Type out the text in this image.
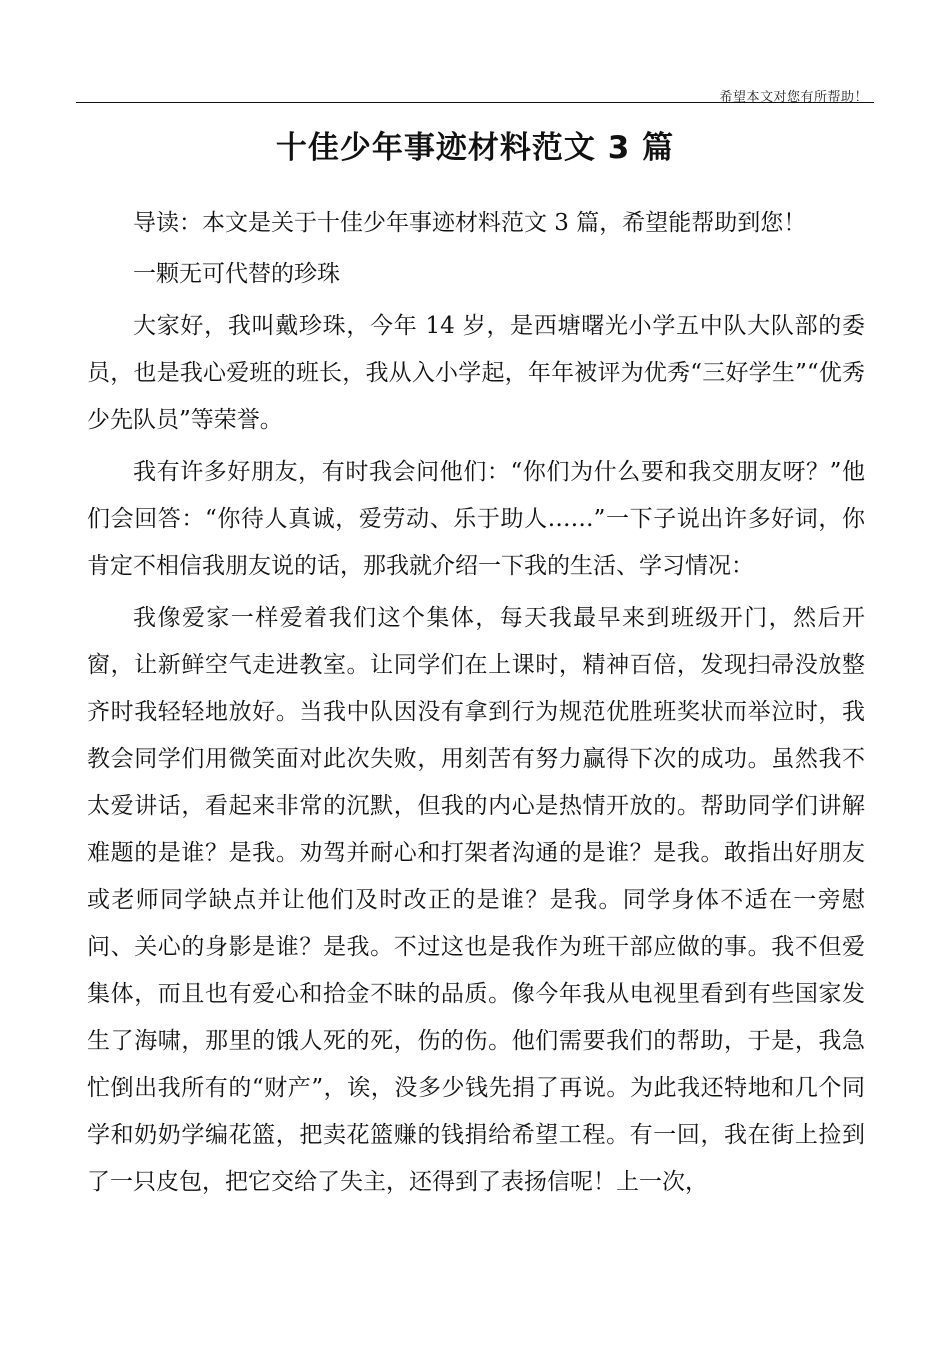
希望本文对您有所帮助！
十佳少年事迹材料范文 3 篇

导读：本文是关于十佳少年事迹材料范文 3 篇，希望能帮助到您！

一颗无可代替的珍珠

大家好，我叫戴珍珠，今年 14 岁，是西塘曙光小学五中队大队部的委员，也是我心爱班的班长，我从入小学起，年年被评为优秀“三好学生”“优秀少先队员”等荣誉。

我有许多好朋友，有时我会问他们：“你们为什么要和我交朋友呀？”他们会回答：“你待人真诚，爱劳动、乐于助人……”一下子说出许多好词，你肯定不相信我朋友说的话，那我就介绍一下我的生活、学习情况：

我像爱家一样爱着我们这个集体，每天我最早来到班级开门，然后开窗，让新鲜空气走进教室。让同学们在上课时，精神百倍，发现扫帚没放整齐时我轻轻地放好。当我中队因没有拿到行为规范优胜班奖状而举泣时，我教会同学们用微笑面对此次失败，用刻苦有努力赢得下次的成功。虽然我不太爱讲话，看起来非常的沉默，但我的内心是热情开放的。帮助同学们讲解难题的是谁？是我。劝驾并耐心和打架者沟通的是谁？是我。敢指出好朋友或老师同学缺点并让他们及时改正的是谁？是我。同学身体不适在一旁慰问、关心的身影是谁？是我。不过这也是我作为班干部应做的事。我不但爱集体，而且也有爱心和拾金不昧的品质。像今年我从电视里看到有些国家发生了海啸，那里的饿人死的死，伤的伤。他们需要我们的帮助，于是，我急忙倒出我所有的“财产”，诶，没多少钱先捐了再说。为此我还特地和几个同学和奶奶学编花篮，把卖花篮赚的钱捐给希望工程。有一回，我在街上捡到了一只皮包，把它交给了失主，还得到了表扬信呢！上一次，
